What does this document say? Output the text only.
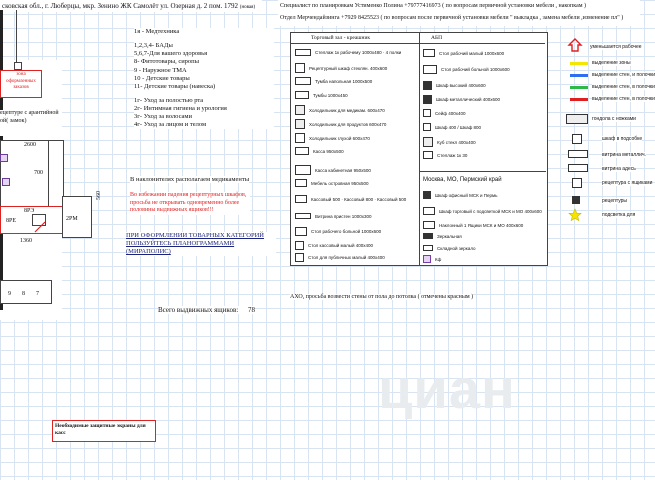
сковская обл., г. Люберцы, мкр. Зенино ЖК Самолёт ул. Озерная д. 2 пом. 1792 (новая)	Специалист по планировкам Устименко Полина +79777416973 ( по вопросам первичной установки мебели , накопкам )
Отдел Мерчендайзинга +7929 8425523 ( по вопросам после первичной установки мебели " выкладка , замена мебели ,изменение пл" )
зона оформленных заказов
ецептуре с арантийной ой( замок)
2600
700
8РЭ
8РЕ
560
2РМ
1360
9 8 7
1я - Медтехника
1,2,3,4- БАДы
5,6,7-Для вашего здоровья
8- Фитотовары, сиропы
9 - Наружное ТМА
10 - Детские товары
11- Детские товары (навеска)
1г- Уход за полостью рта
2г- Интимная гигиена и урология
3г- Уход за волосами
4г- Уход за лицом и телом
В наклонителях располагаем медикаменты
Во избежании падения рецептурных шкафов, просьба не открывать одновременно более половины выдвижных ящиков!!!
ПРИ ОФОРМЛЕНИИ ТОВАРНЫХ КАТЕГОРИЙ ПОЛЬЗУЙТЕСЬ ПЛАНОГРАММАМИ (МИРАПОЛИС)
Всего выдвижных ящиков: 78
Необходимые защитные экраны для касс
Торговый зал - креашник	АБП
Стеллаж 1к рабочему 1000х480 · 4 полки
Рецептурный шкаф стеклян. 400х600
Тумба напольная 1000х500
Тумбы 1000х450
Холодильник для медикам. 600х470
Холодильник для продуктов 600х470
Холодильник глухой 600х470
Касса 950х500
Касса кабинетная 950х500
Мебель островная 950х500
Кассовый 500 · Кассовый 800 · Кассовый 500
Витрина пристен 1000х300
Стол рабочего больной 1000х600
Стол кассовый малый 400х400
Стол для публичных малый 400х400
Стол рабочий малый 1000х600
Стол рабочий больной 1000х600
Шкаф высокий 400х600
Шкаф металлический 400х600
Сейф 400х400
Шкаф 400 / Шкаф 800
Куб стекл 400х400
Стеллаж 1к 30
Москва, МО, Пермский край
Шкаф офисный МСК и Пермь
Шкаф торговый с подсветкой МСК и МО 400х600
Наклонный 1 Ящики МСК и МО 400х600
Зеркальная
Складной зеркало
Кф
уменьшается рабочее
выделение зоны
выделение стен, и полочки
выделение стен, в полочки
выделение стен, в полочки
гондола с ножками
шкаф в подсобке
витрина металлич.
витрина адесь
рецептура с ящиками
рецептуры
подсветка для
АХО, просьба возвести стены от пола до потолка ( отмечены красным )
циан
